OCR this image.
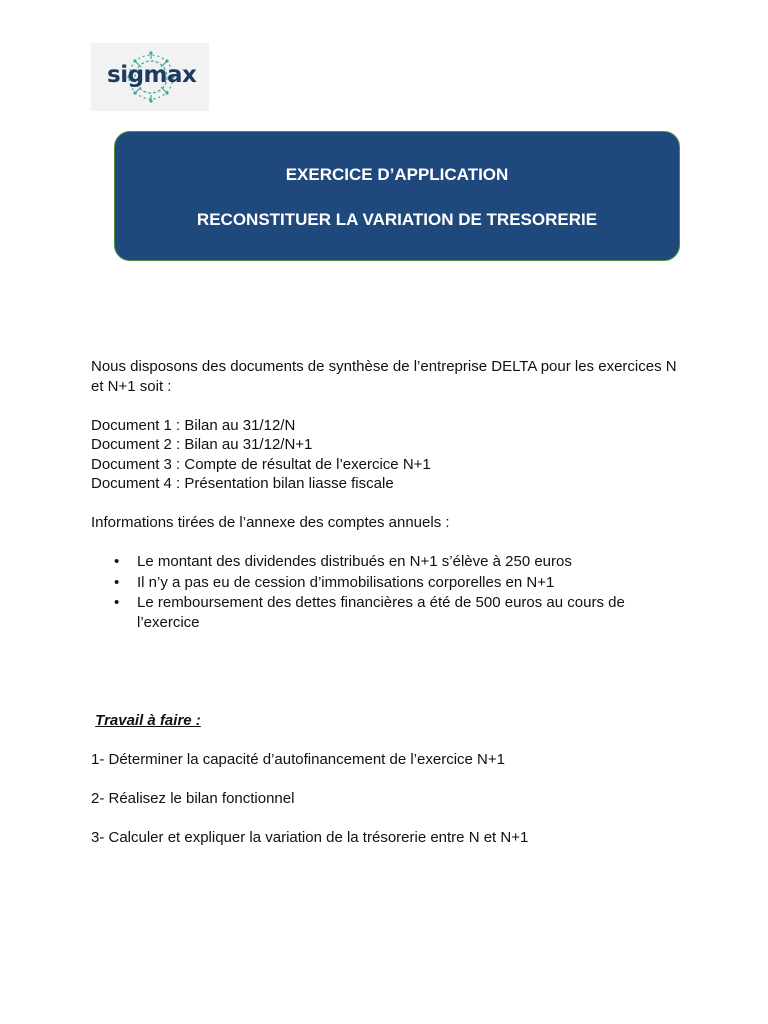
sigmax
EXERCICE D’APPLICATION
RECONSTITUER LA VARIATION DE TRESORERIE

Nous disposons des documents de synthèse de l’entreprise DELTA pour les exercices N et N+1 soit :

Document 1 : Bilan au 31/12/N

Document 2 : Bilan au 31/12/N+1

Document 3 : Compte de résultat de l’exercice N+1

Document 4 : Présentation bilan liasse fiscale

Informations tirées de l’annexe des comptes annuels :

• Le montant des dividendes distribués en N+1 s’élève à 250 euros
• Il n’y a pas eu de cession d’immobilisations corporelles en N+1
• Le remboursement des dettes financières a été de 500 euros au cours de l’exercice

Travail à faire :

1- Déterminer la capacité d’autofinancement de l’exercice N+1

2- Réalisez le bilan fonctionnel

3- Calculer et expliquer la variation de la trésorerie entre N et N+1
